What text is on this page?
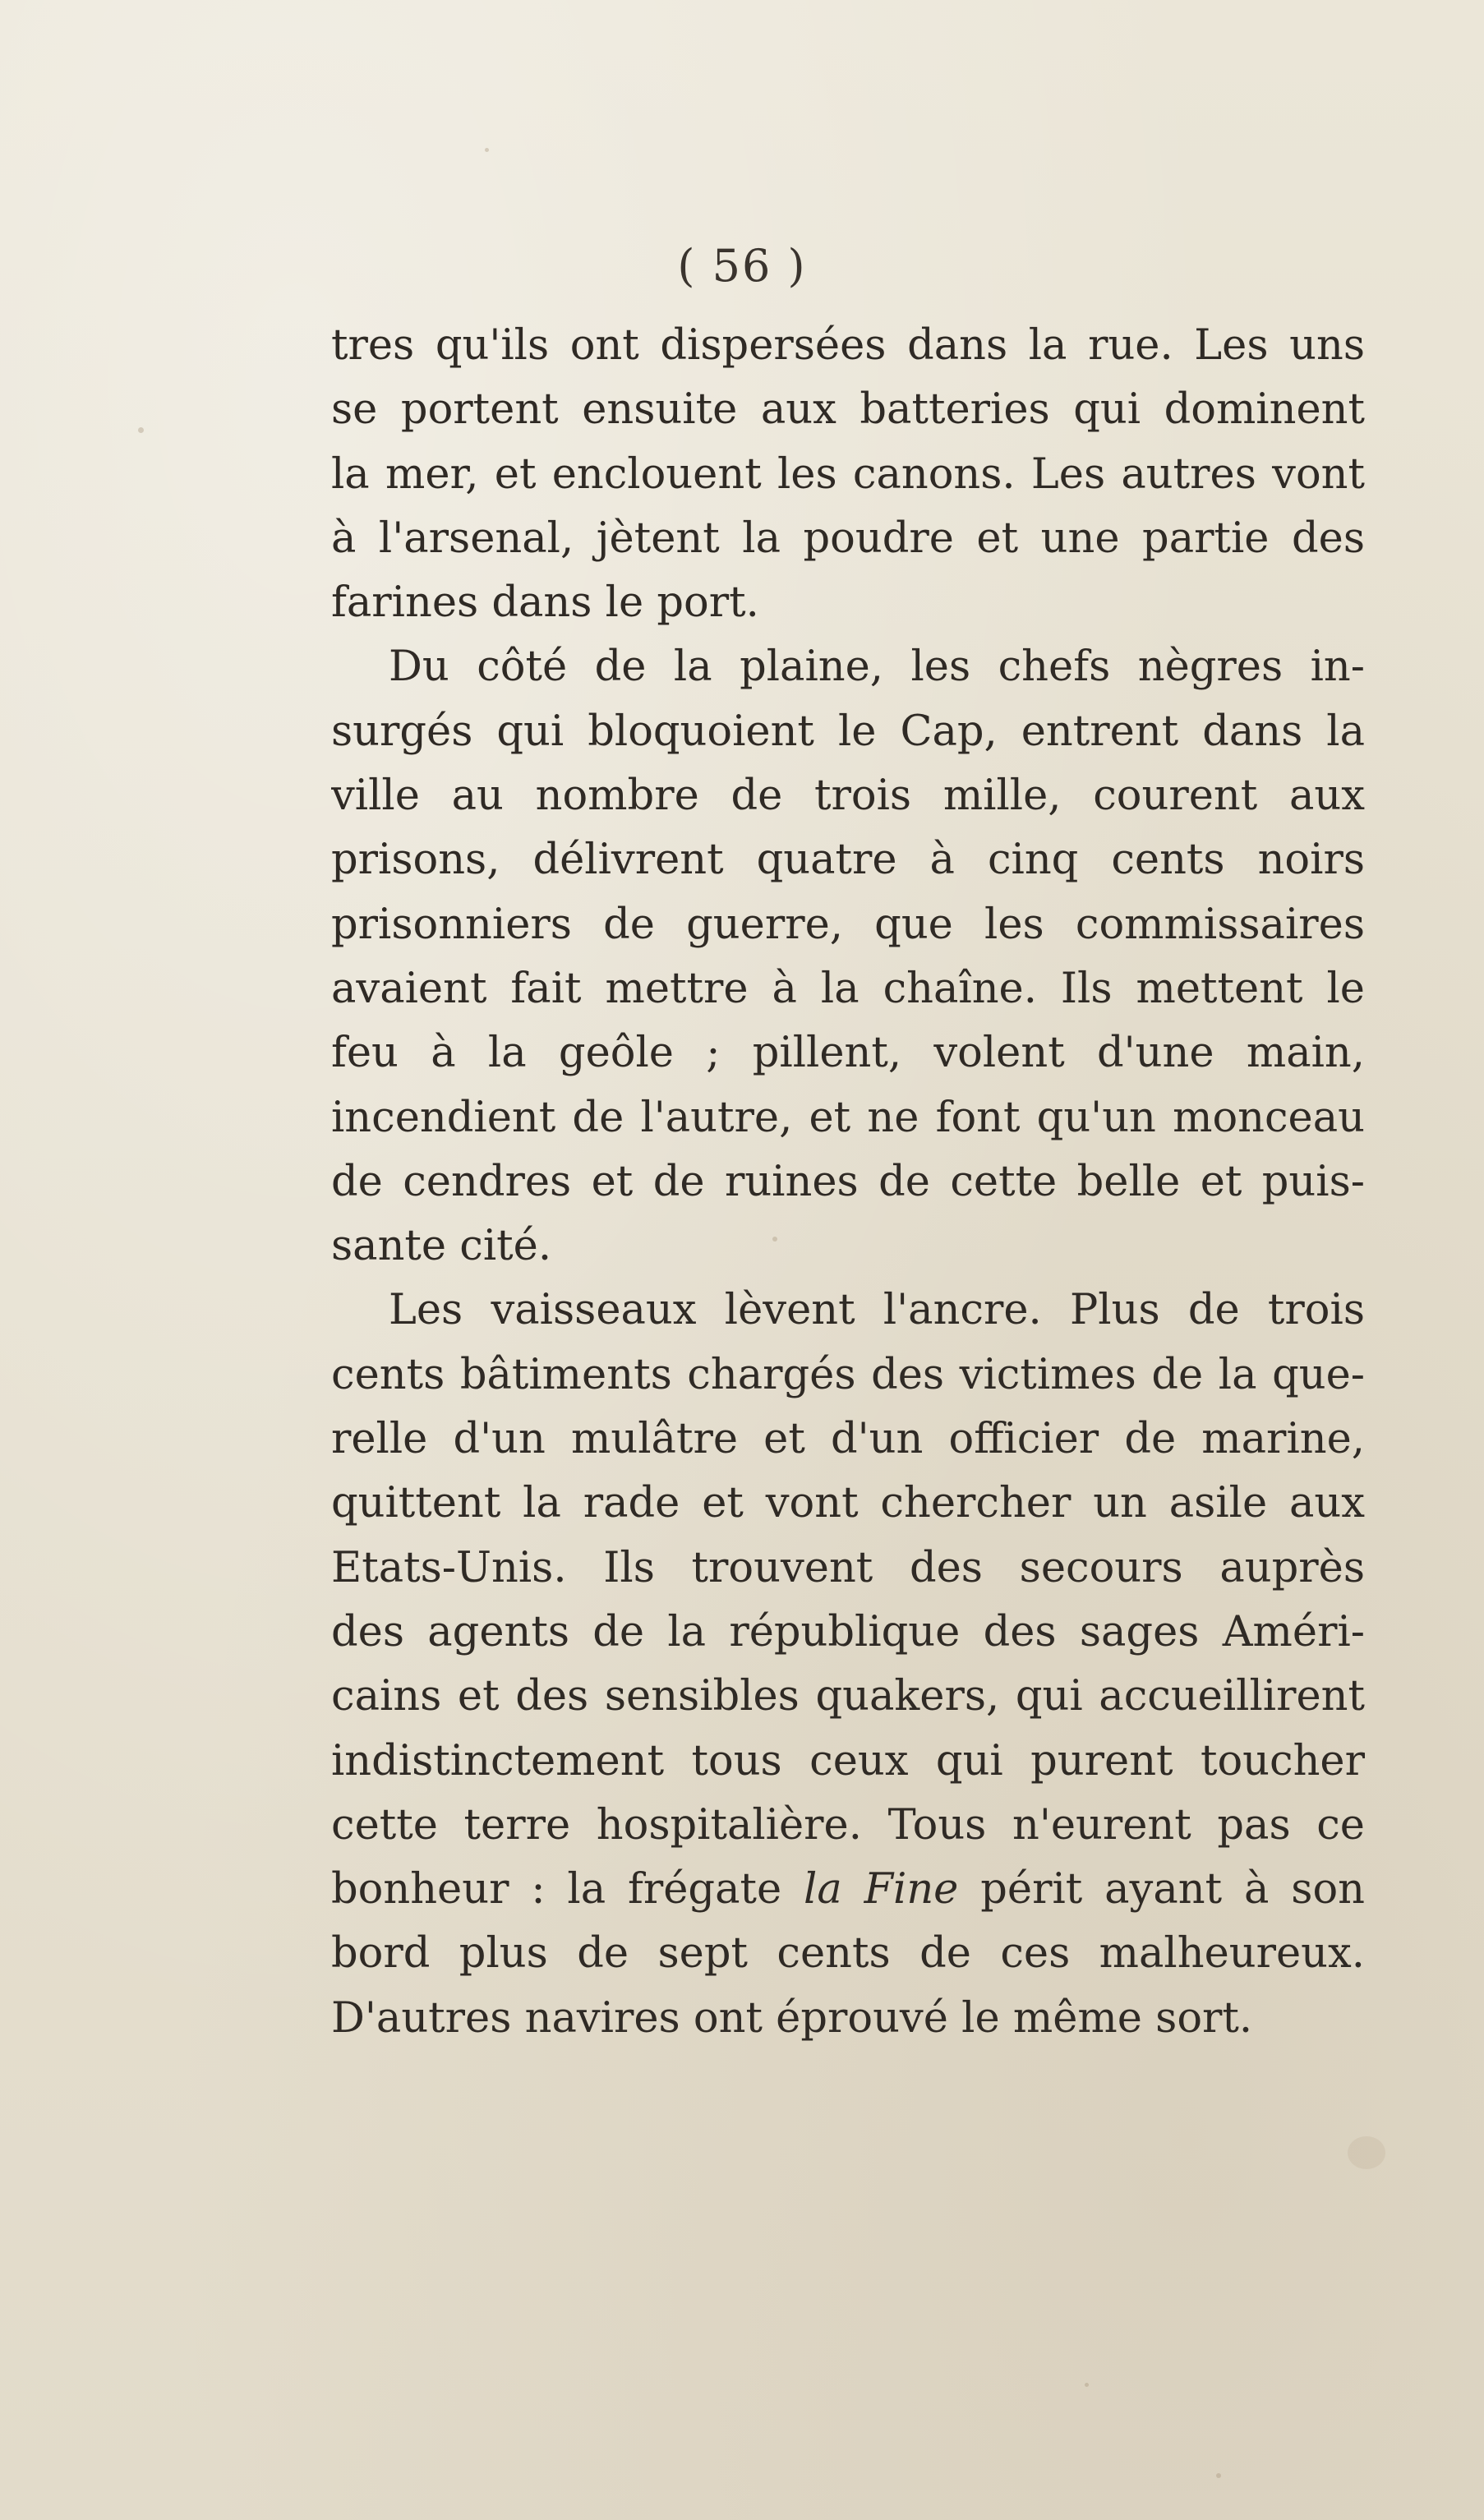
( 56 )
tres qu'ils ont dispersées dans la rue. Les uns
se portent ensuite aux batteries qui dominent
la mer, et enclouent les canons. Les autres vont
à l'arsenal, jètent la poudre et une partie des
farines dans le port.
Du côté de la plaine, les chefs nègres in-
surgés qui bloquoient le Cap, entrent dans la
ville au nombre de trois mille, courent aux
prisons, délivrent quatre à cinq cents noirs
prisonniers de guerre, que les commissaires
avaient fait mettre à la chaîne. Ils mettent le
feu à la geôle ; pillent, volent d'une main,
incendient de l'autre, et ne font qu'un monceau
de cendres et de ruines de cette belle et puis-
sante cité.
Les vaisseaux lèvent l'ancre. Plus de trois
cents bâtiments chargés des victimes de la que-
relle d'un mulâtre et d'un officier de marine,
quittent la rade et vont chercher un asile aux
Etats-Unis. Ils trouvent des secours auprès
des agents de la république des sages Améri-
cains et des sensibles quakers, qui accueillirent
indistinctement tous ceux qui purent toucher
cette terre hospitalière. Tous n'eurent pas ce
bonheur : la frégate la Fine périt ayant à son
bord plus de sept cents de ces malheureux.
D'autres navires ont éprouvé le même sort.
